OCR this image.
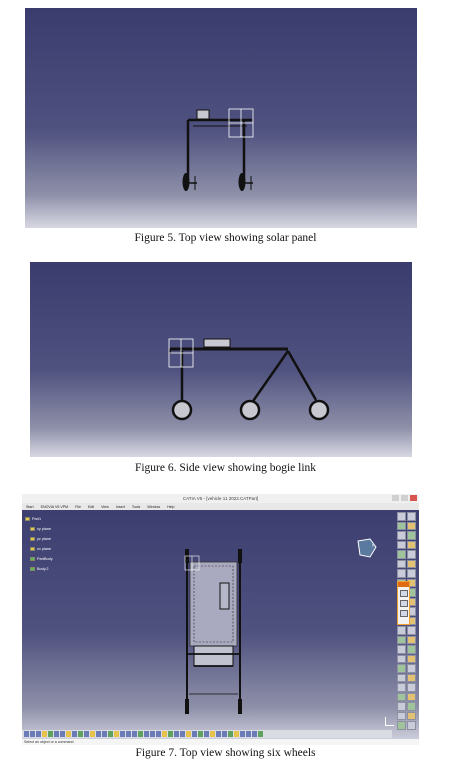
Figure 5. Top view showing solar panel
Figure 6. Side view showing bogie link
CATIA V5 - [vehicle 11 2022.CATPart]
Start ENOVIA V5 VPM File Edit View Insert Tools Window Help
Part1
xy plane
yz plane
zx plane
PartBody
Body.2
y
Select an object or a command
Figure 7. Top view showing six wheels
